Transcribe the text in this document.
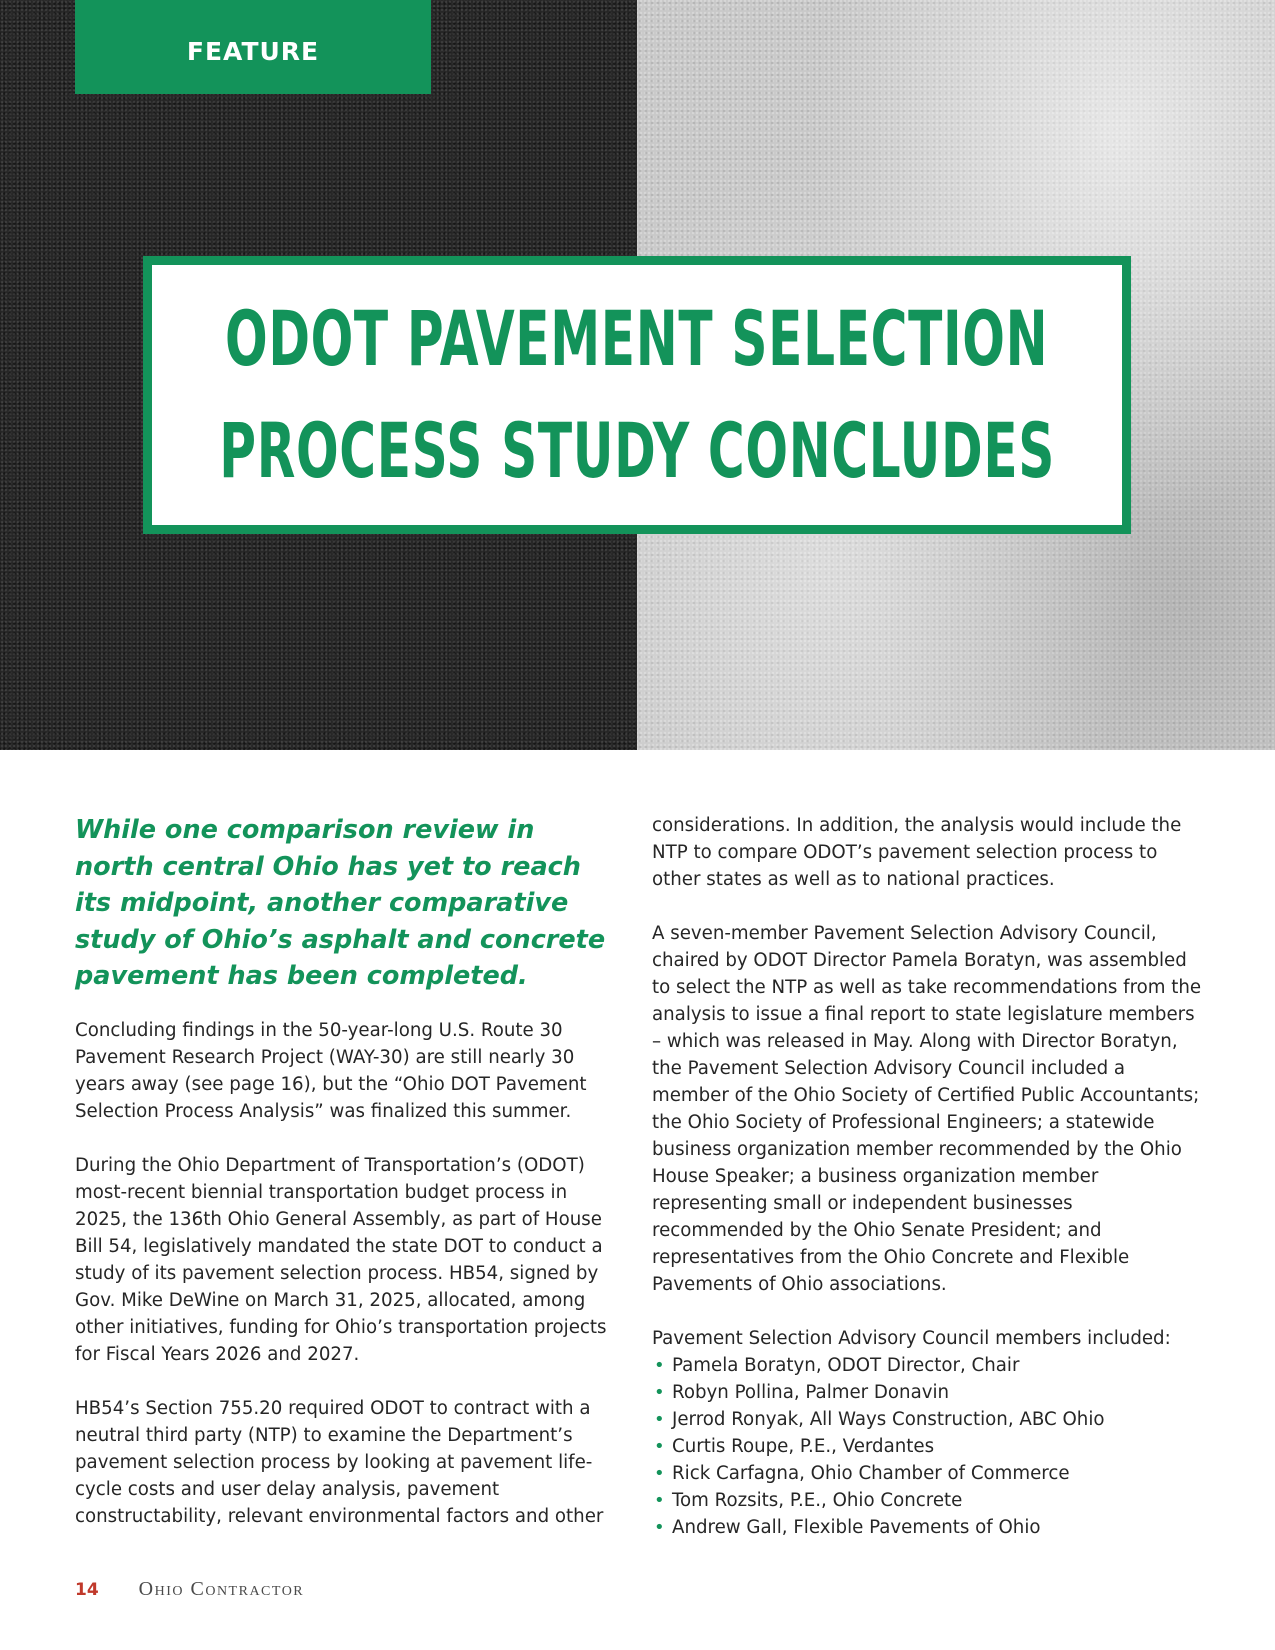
FEATURE
ODOT PAVEMENT SELECTION
PROCESS STUDY CONCLUDES
While one comparison review in north central Ohio has yet to reach its midpoint, another comparative study of Ohio’s asphalt and concrete pavement has been completed.

Concluding findings in the 50-year-long U.S. Route 30 Pavement Research Project (WAY-30) are still nearly 30 years away (see page 16), but the “Ohio DOT Pavement Selection Process Analysis” was finalized this summer.

During the Ohio Department of Transportation’s (ODOT) most-recent biennial transportation budget process in 2025, the 136th Ohio General Assembly, as part of House Bill 54, legislatively mandated the state DOT to conduct a study of its pavement selection process. HB54, signed by Gov. Mike DeWine on March 31, 2025, allocated, among other initiatives, funding for Ohio’s transportation projects for Fiscal Years 2026 and 2027.

HB54’s Section 755.20 required ODOT to contract with a neutral third party (NTP) to examine the Department’s pavement selection process by looking at pavement life-cycle costs and user delay analysis, pavement constructability, relevant environmental factors and other

considerations. In addition, the analysis would include the NTP to compare ODOT’s pavement selection process to other states as well as to national practices.

A seven-member Pavement Selection Advisory Council, chaired by ODOT Director Pamela Boratyn, was assembled to select the NTP as well as take recommendations from the analysis to issue a final report to state legislature members – which was released in May. Along with Director Boratyn, the Pavement Selection Advisory Council included a member of the Ohio Society of Certified Public Accountants; the Ohio Society of Professional Engineers; a statewide business organization member recommended by the Ohio House Speaker; a business organization member representing small or independent businesses recommended by the Ohio Senate President; and representatives from the Ohio Concrete and Flexible Pavements of Ohio associations.

Pavement Selection Advisory Council members included:

• Pamela Boratyn, ODOT Director, Chair
• Robyn Pollina, Palmer Donavin
• Jerrod Ronyak, All Ways Construction, ABC Ohio
• Curtis Roupe, P.E., Verdantes
• Rick Carfagna, Ohio Chamber of Commerce
• Tom Rozsits, P.E., Ohio Concrete
• Andrew Gall, Flexible Pavements of Ohio
14 Ohio Contractor
